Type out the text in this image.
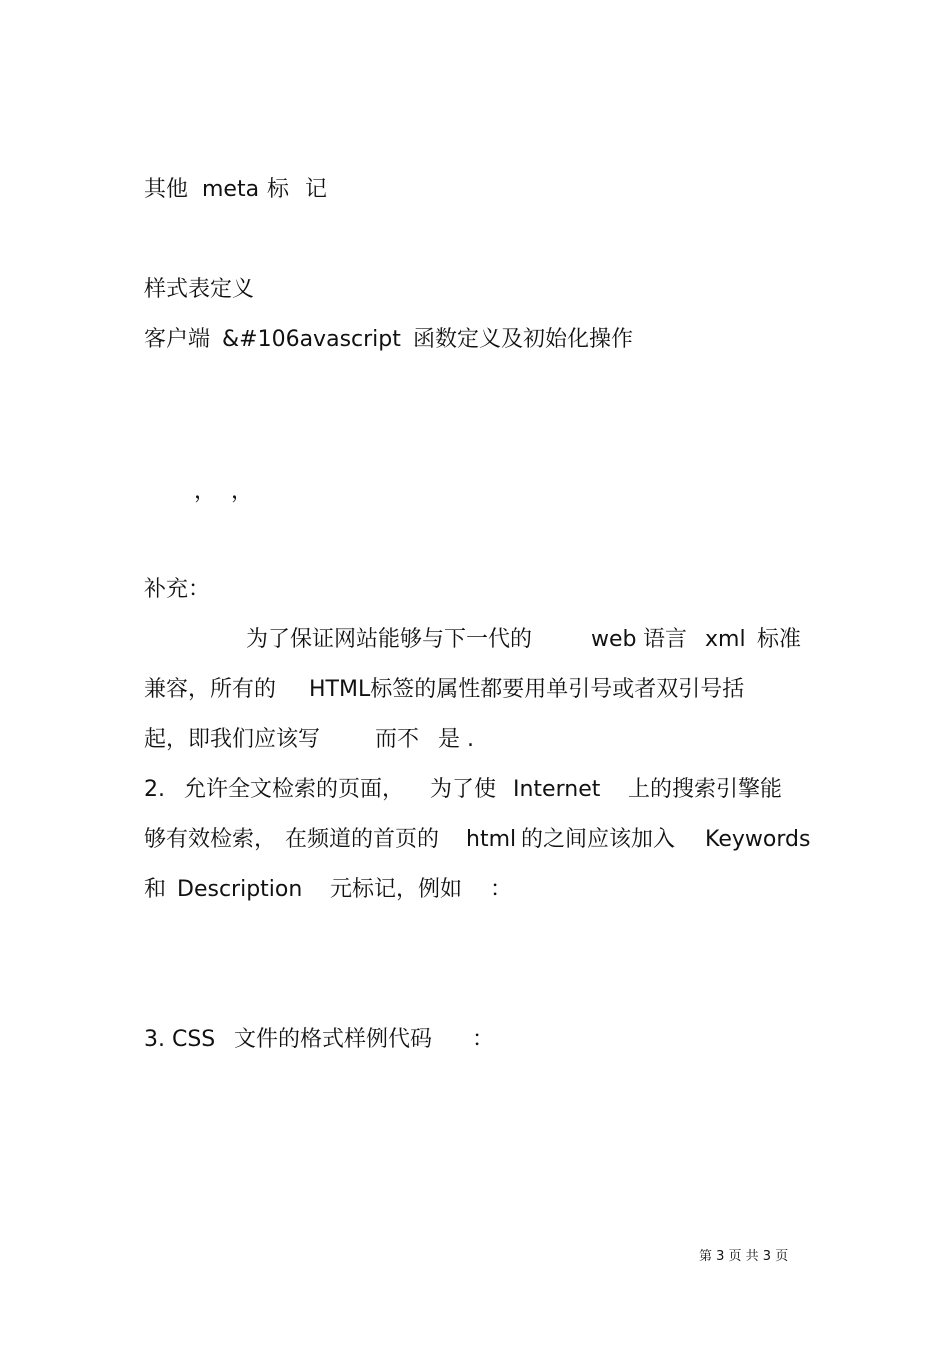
其他 meta 标 记
样式表定义
客户端 &#106avascript 函数定义及初始化操作
， ，
补充：
为了保证网站能够与下一代的	web 语言 xml 标准
兼容，所有的 HTML标签的属性都要用单引号或者双引号括
起，即我们应该写 而不 是 .
2. 允许全文检索的页面， 为了使 Internet 上的搜索引擎能
够有效检索， 在频道的首页的 html 的之间应该加入 Keywords
和 Description 元标记，例如 ：
3. CSS 文件的格式样例代码 ：
第 3 页 共 3 页
